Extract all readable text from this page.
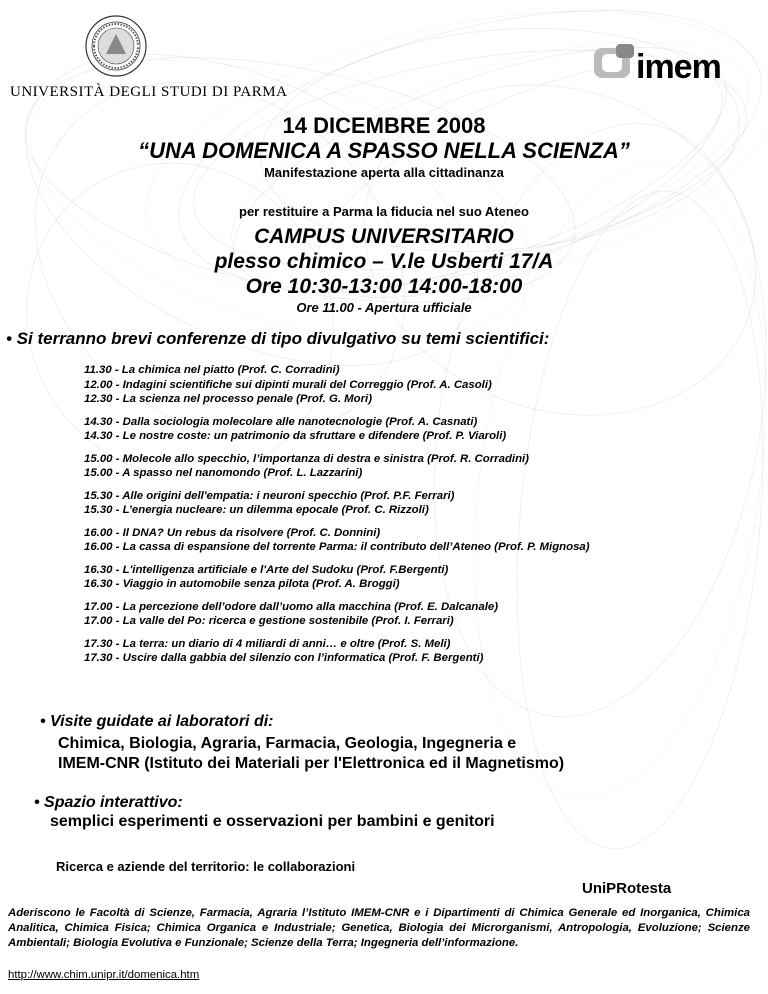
UNIVERSITÀ DEGLI STUDI DI PARMA
imem
14 DICEMBRE 2008
“UNA DOMENICA A SPASSO NELLA SCIENZA”
Manifestazione aperta alla cittadinanza
per restituire a Parma la fiducia nel suo Ateneo
CAMPUS UNIVERSITARIO
plesso chimico – V.le Usberti 17/A
Ore 10:30-13:00 14:00-18:00
Ore 11.00 - Apertura ufficiale
• Si terranno brevi conferenze di tipo divulgativo su temi scientifici:
11.30 - La chimica nel piatto (Prof. C. Corradini)
12.00 - Indagini scientifiche sui dipinti murali del Correggio (Prof. A. Casoli)
12.30 - La scienza nel processo penale (Prof. G. Mori)
14.30 - Dalla sociologia molecolare alle nanotecnologie (Prof. A. Casnati)
14.30 - Le nostre coste: un patrimonio da sfruttare e difendere (Prof. P. Viaroli)
15.00 - Molecole allo specchio, l’importanza di destra e sinistra (Prof. R. Corradini)
15.00 - A spasso nel nanomondo (Prof. L. Lazzarini)
15.30 - Alle origini dell'empatia: i neuroni specchio (Prof. P.F. Ferrari)
15.30 - L’energia nucleare: un dilemma epocale (Prof. C. Rizzoli)
16.00 - Il DNA? Un rebus da risolvere (Prof. C. Donnini)
16.00 - La cassa di espansione del torrente Parma: il contributo dell’Ateneo (Prof. P. Mignosa)
16.30 - L'intelligenza artificiale e l'Arte del Sudoku (Prof. F.Bergenti)
16.30 - Viaggio in automobile senza pilota (Prof. A. Broggi)
17.00 - La percezione dell’odore dall’uomo alla macchina (Prof. E. Dalcanale)
17.00 - La valle del Po: ricerca e gestione sostenibile (Prof. I. Ferrari)
17.30 - La terra: un diario di 4 miliardi di anni… e oltre (Prof. S. Meli)
17.30 - Uscire dalla gabbia del silenzio con l’informatica (Prof. F. Bergenti)
• Visite guidate ai laboratori di:
Chimica, Biologia, Agraria, Farmacia, Geologia, Ingegneria e
IMEM-CNR (Istituto dei Materiali per l'Elettronica ed il Magnetismo)
• Spazio interattivo:
semplici esperimenti e osservazioni per bambini e genitori
Ricerca e aziende del territorio: le collaborazioni
UniPRotesta
Aderiscono le Facoltà di Scienze, Farmacia, Agraria l’Istituto IMEM-CNR e i Dipartimenti di Chimica Generale ed Inorganica, Chimica Analitica, Chimica Fisica; Chimica Organica e Industriale; Genetica, Biologia dei Microrganismi, Antropologia, Evoluzione; Scienze Ambientali; Biologia Evolutiva e Funzionale; Scienze della Terra; Ingegneria dell’informazione.
http://www.chim.unipr.it/domenica.htm
